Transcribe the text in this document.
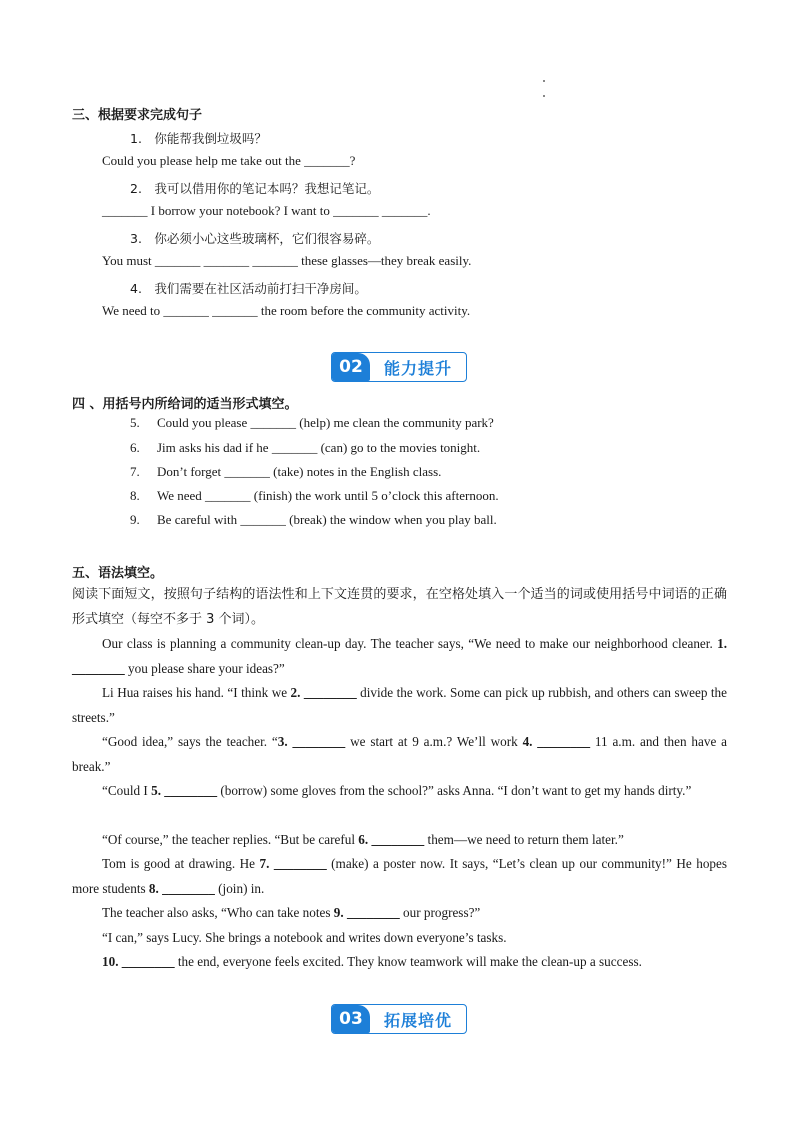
三、根据要求完成句子
1.　你能帮我倒垃圾吗？
Could you please help me take out the _______?
2.　我可以借用你的笔记本吗？我想记笔记。
_______ I borrow your notebook? I want to _______ _______.
3.　你必须小心这些玻璃杯，它们很容易碎。
You must _______ _______ _______ these glasses—they break easily.
4.　我们需要在社区活动前打扫干净房间。
We need to _______ _______ the room before the community activity.
02	能力提升
四 、用括号内所给词的适当形式填空。
5. Could you please _______ (help) me clean the community park?
6. Jim asks his dad if he _______ (can) go to the movies tonight.
7. Don’t forget _______ (take) notes in the English class.
8. We need _______ (finish) the work until 5 o’clock this afternoon.
9. Be careful with _______ (break) the window when you play ball.
五、语法填空。
阅读下面短文，按照句子结构的语法性和上下文连贯的要求，在空格处填入一个适当的词或使用括号中词语的正确形式填空（每空不多于 3 个词）。
Our class is planning a community clean-up day. The teacher says, “We need to make our neighborhood cleaner. 1. ________ you please share your ideas?”
Li Hua raises his hand. “I think we 2. ________ divide the work. Some can pick up rubbish, and others can sweep the streets.”
“Good idea,” says the teacher. “3. ________ we start at 9 a.m.? We’ll work 4. ________ 11 a.m. and then have a break.”
“Could I 5. ________ (borrow) some gloves from the school?” asks Anna. “I don’t want to get my hands dirty.”
“Of course,” the teacher replies. “But be careful 6. ________ them—we need to return them later.”
Tom is good at drawing. He 7. ________ (make) a poster now. It says, “Let’s clean up our community!” He hopes more students 8. ________ (join) in.
The teacher also asks, “Who can take notes 9. ________ our progress?”
“I can,” says Lucy. She brings a notebook and writes down everyone’s tasks.
10. ________ the end, everyone feels excited. They know teamwork will make the clean-up a success.
03	拓展培优
